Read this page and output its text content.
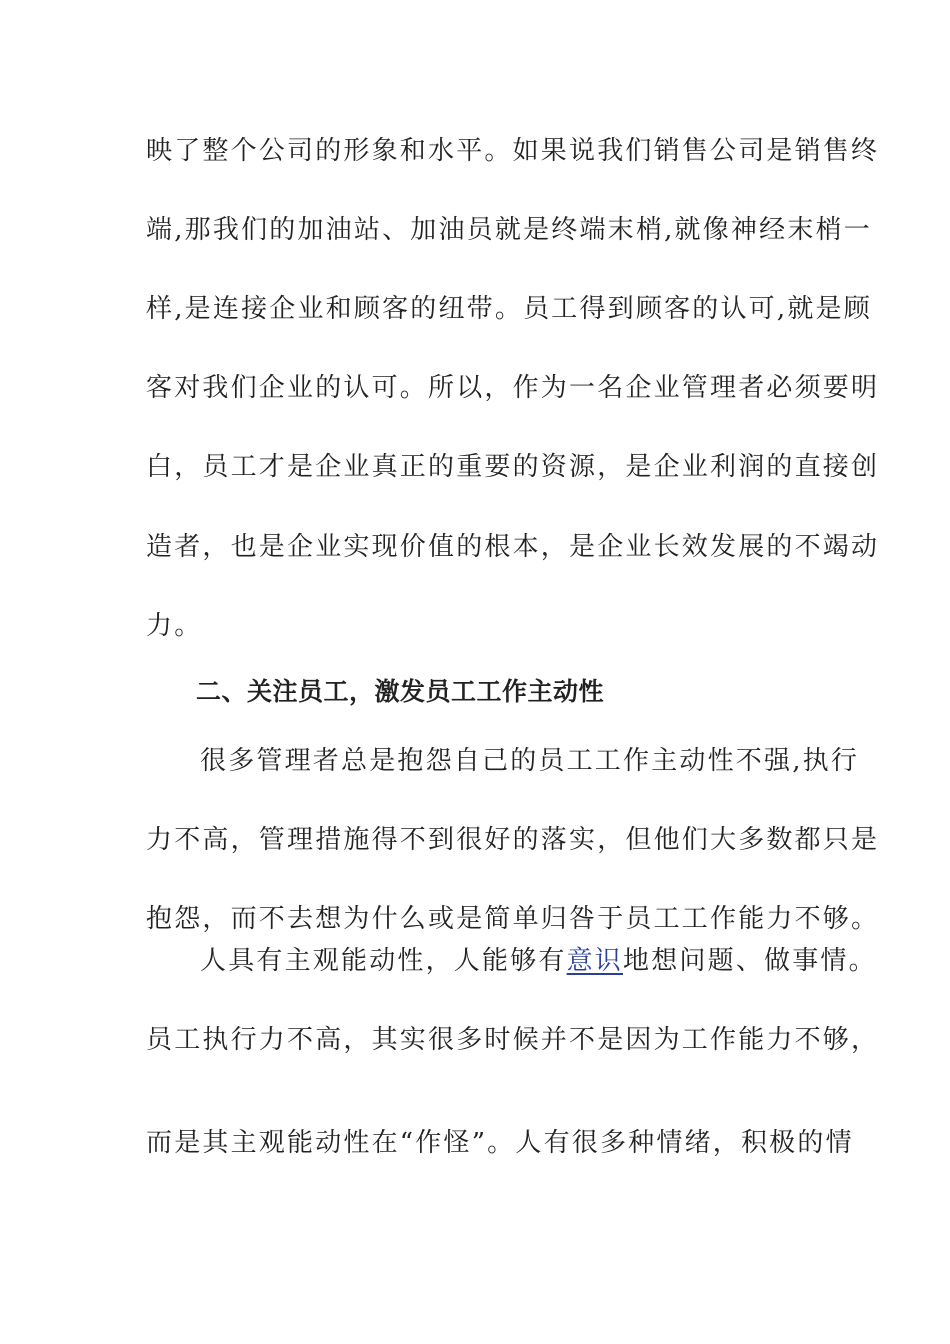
映了整个公司的形象和水平。如果说我们销售公司是销售终
端,那我们的加油站、加油员就是终端末梢,就像神经末梢一
样,是连接企业和顾客的纽带。员工得到顾客的认可,就是顾
客对我们企业的认可。所以，作为一名企业管理者必须要明
白，员工才是企业真正的重要的资源，是企业利润的直接创
造者，也是企业实现价值的根本，是企业长效发展的不竭动
力。
二、关注员工，激发员工工作主动性
很多管理者总是抱怨自己的员工工作主动性不强,执行
力不高，管理措施得不到很好的落实，但他们大多数都只是
抱怨，而不去想为什么或是简单归咎于员工工作能力不够。
人具有主观能动性，人能够有意识地想问题、做事情。
员工执行力不高，其实很多时候并不是因为工作能力不够，
而是其主观能动性在“作怪”。人有很多种情绪，积极的情
